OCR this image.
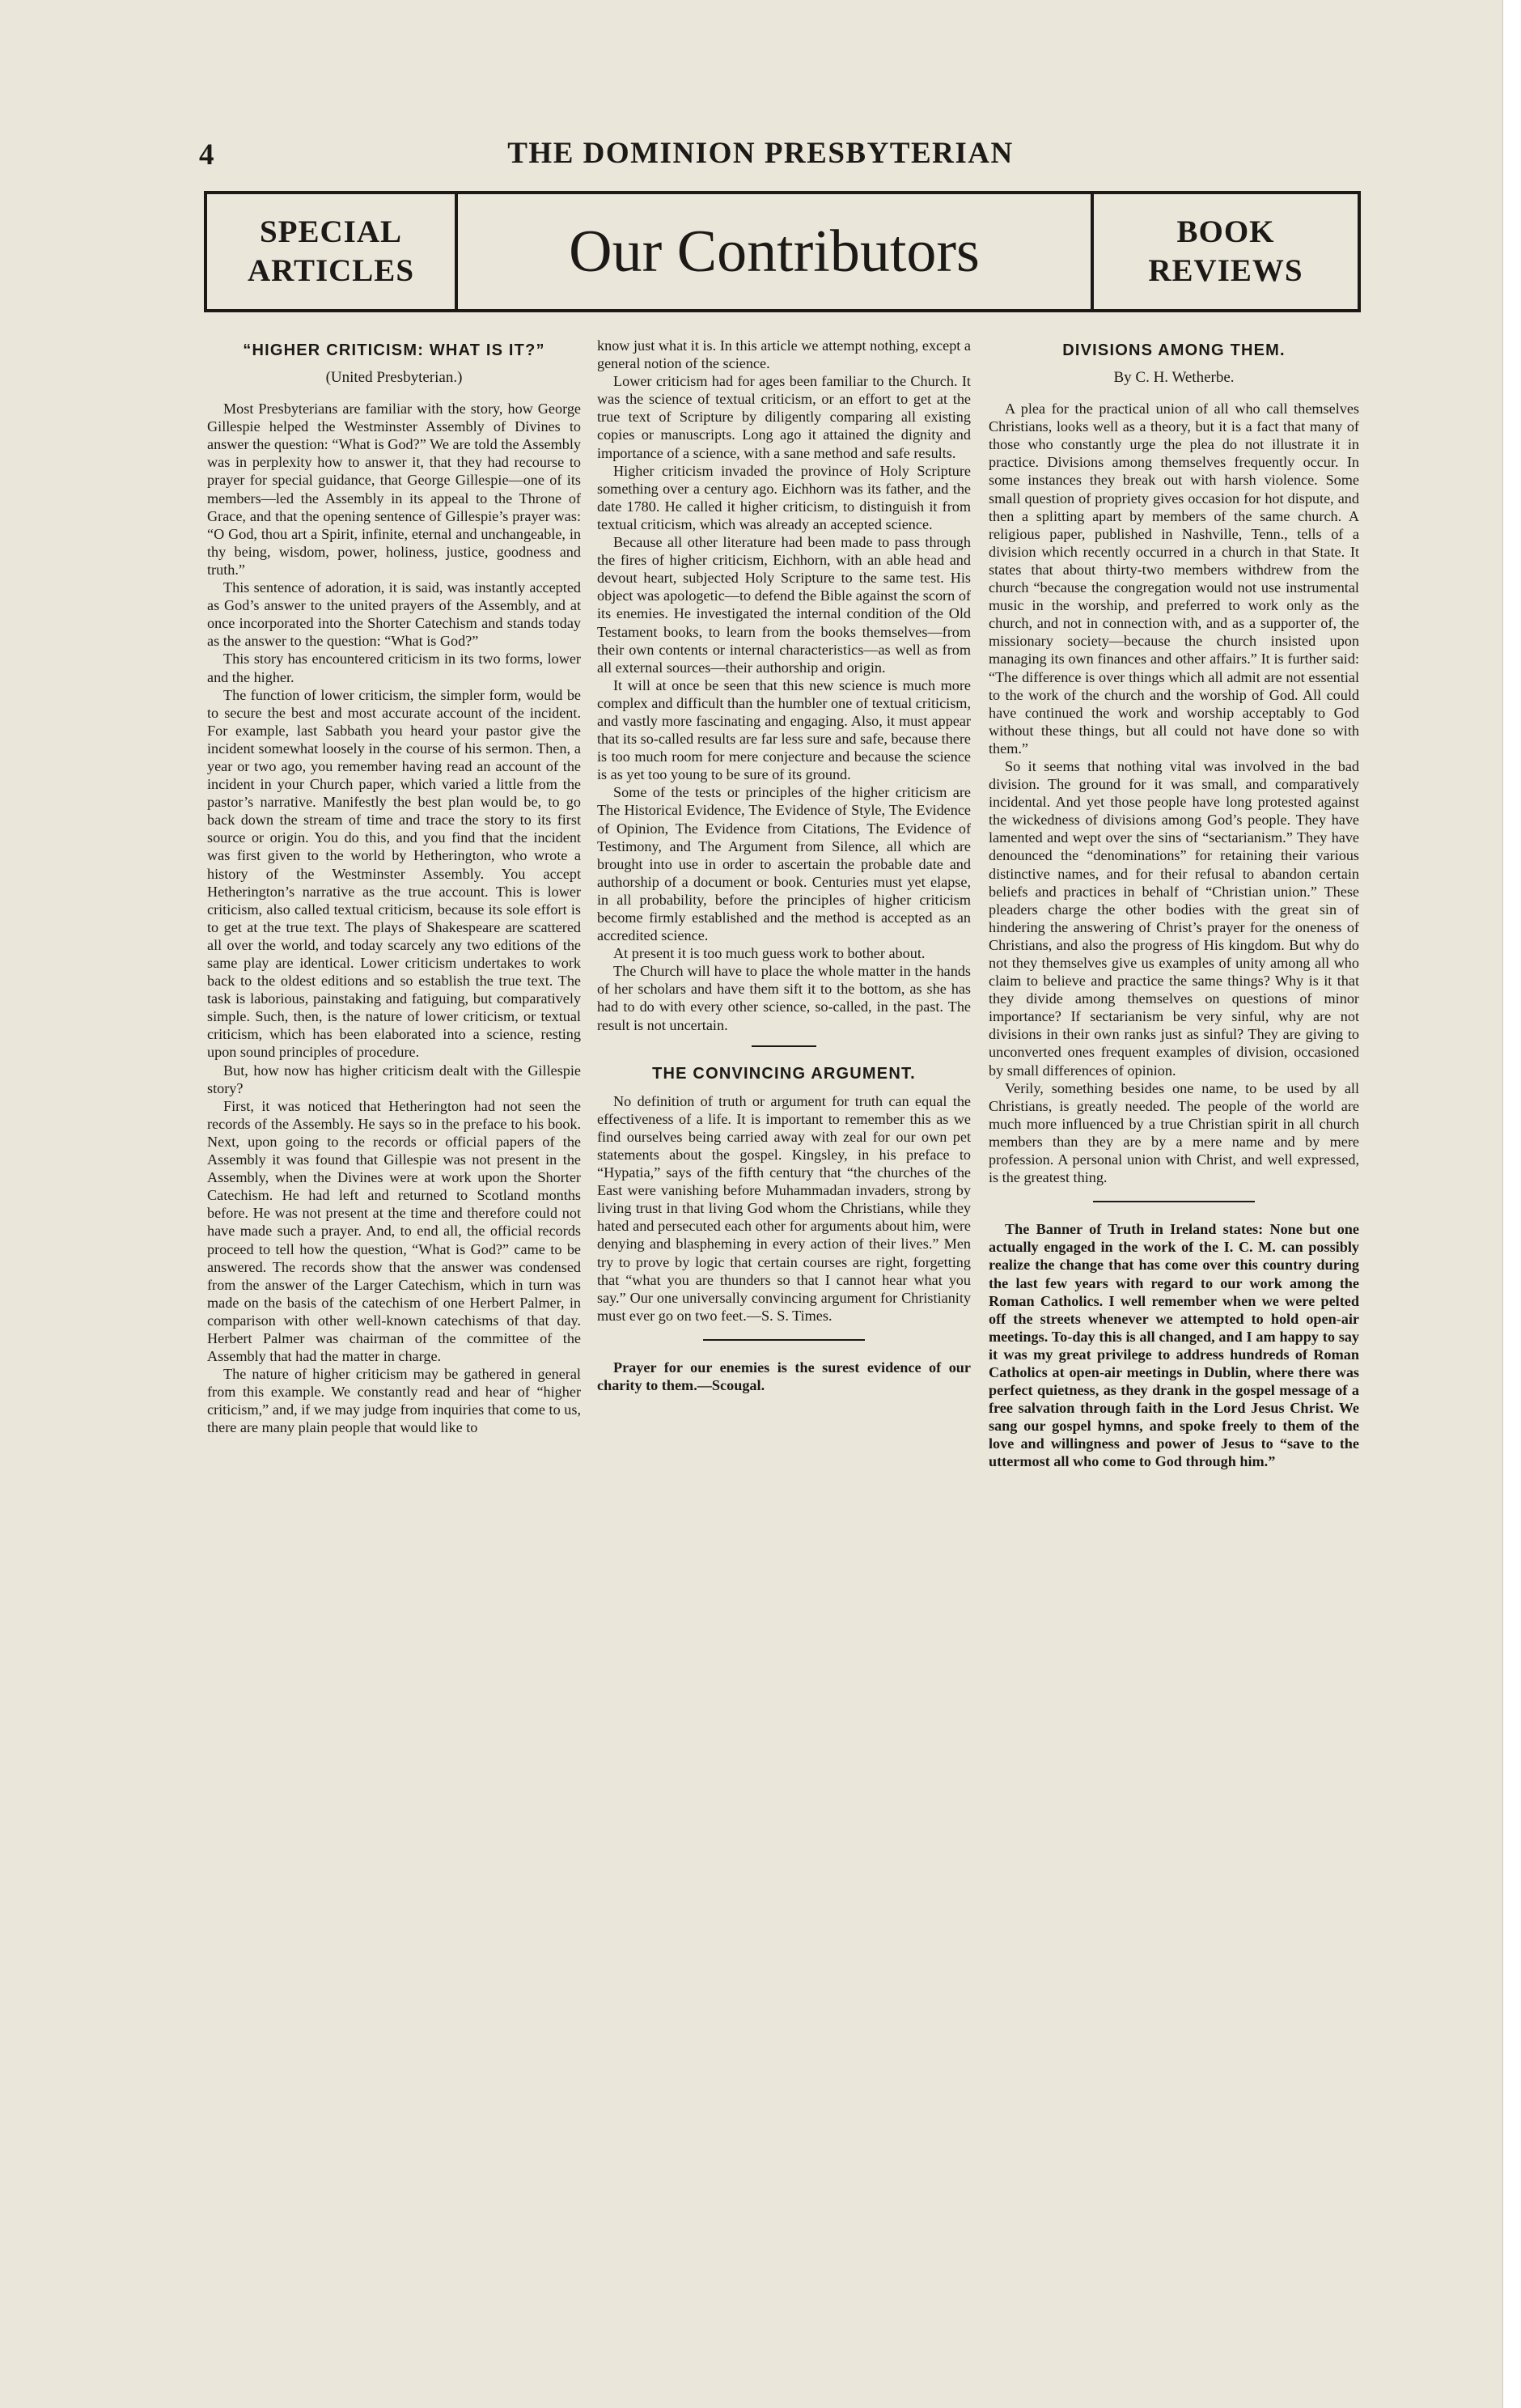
4	THE DOMINION PRESBYTERIAN
SPECIAL
ARTICLES	Our Contributors	BOOK
REVIEWS
“HIGHER CRITICISM: WHAT IS IT?”
(United Presbyterian.)

Most Presbyterians are familiar with the story, how George Gillespie helped the Westminster Assembly of Divines to answer the question: “What is God?” We are told the Assembly was in perplexity how to answer it, that they had recourse to prayer for special guidance, that George Gillespie—one of its members—led the Assembly in its appeal to the Throne of Grace, and that the opening sentence of Gillespie’s prayer was: “O God, thou art a Spirit, infinite, eternal and unchangeable, in thy being, wisdom, power, holiness, justice, goodness and truth.”

This sentence of adoration, it is said, was instantly accepted as God’s answer to the united prayers of the Assembly, and at once incorporated into the Shorter Catechism and stands today as the answer to the question: “What is God?”

This story has encountered criticism in its two forms, lower and the higher.

The function of lower criticism, the simpler form, would be to secure the best and most accurate account of the incident. For example, last Sabbath you heard your pastor give the incident somewhat loosely in the course of his sermon. Then, a year or two ago, you remember having read an account of the incident in your Church paper, which varied a little from the pastor’s narrative. Manifestly the best plan would be, to go back down the stream of time and trace the story to its first source or origin. You do this, and you find that the incident was first given to the world by Hetherington, who wrote a history of the Westminster Assembly. You accept Hetherington’s narrative as the true account. This is lower criticism, also called textual criticism, because its sole effort is to get at the true text. The plays of Shakespeare are scattered all over the world, and today scarcely any two editions of the same play are identical. Lower criticism undertakes to work back to the oldest editions and so establish the true text. The task is laborious, painstaking and fatiguing, but comparatively simple. Such, then, is the nature of lower criticism, or textual criticism, which has been elaborated into a science, resting upon sound principles of procedure.

But, how now has higher criticism dealt with the Gillespie story?

First, it was noticed that Hetherington had not seen the records of the Assembly. He says so in the preface to his book. Next, upon going to the records or official papers of the Assembly it was found that Gillespie was not present in the Assembly, when the Divines were at work upon the Shorter Catechism. He had left and returned to Scotland months before. He was not present at the time and therefore could not have made such a prayer. And, to end all, the official records proceed to tell how the question, “What is God?” came to be answered. The records show that the answer was condensed from the answer of the Larger Catechism, which in turn was made on the basis of the catechism of one Herbert Palmer, in comparison with other well-known catechisms of that day. Herbert Palmer was chairman of the committee of the Assembly that had the matter in charge.

The nature of higher criticism may be gathered in general from this example. We constantly read and hear of “higher criticism,” and, if we may judge from inquiries that come to us, there are many plain people that would like to

know just what it is. In this article we attempt nothing, except a general notion of the science.

Lower criticism had for ages been familiar to the Church. It was the science of textual criticism, or an effort to get at the true text of Scripture by diligently comparing all existing copies or manuscripts. Long ago it attained the dignity and importance of a science, with a sane method and safe results.

Higher criticism invaded the province of Holy Scripture something over a century ago. Eichhorn was its father, and the date 1780. He called it higher criticism, to distinguish it from textual criticism, which was already an accepted science.

Because all other literature had been made to pass through the fires of higher criticism, Eichhorn, with an able head and devout heart, subjected Holy Scripture to the same test. His object was apologetic—to defend the Bible against the scorn of its enemies. He investigated the internal condition of the Old Testament books, to learn from the books themselves—from their own contents or internal characteristics—as well as from all external sources—their authorship and origin.

It will at once be seen that this new science is much more complex and difficult than the humbler one of textual criticism, and vastly more fascinating and engaging. Also, it must appear that its so-called results are far less sure and safe, because there is too much room for mere conjecture and because the science is as yet too young to be sure of its ground.

Some of the tests or principles of the higher criticism are The Historical Evidence, The Evidence of Style, The Evidence of Opinion, The Evidence from Citations, The Evidence of Testimony, and The Argument from Silence, all which are brought into use in order to ascertain the probable date and authorship of a document or book. Centuries must yet elapse, in all probability, before the principles of higher criticism become firmly established and the method is accepted as an accredited science.

At present it is too much guess work to bother about.

The Church will have to place the whole matter in the hands of her scholars and have them sift it to the bottom, as she has had to do with every other science, so-called, in the past. The result is not uncertain.

THE CONVINCING ARGUMENT.

No definition of truth or argument for truth can equal the effectiveness of a life. It is important to remember this as we find ourselves being carried away with zeal for our own pet statements about the gospel. Kingsley, in his preface to “Hypatia,” says of the fifth century that “the churches of the East were vanishing before Muhammadan invaders, strong by living trust in that living God whom the Christians, while they hated and persecuted each other for arguments about him, were denying and blaspheming in every action of their lives.” Men try to prove by logic that certain courses are right, forgetting that “what you are thunders so that I cannot hear what you say.” Our one universally convincing argument for Christianity must ever go on two feet.—S. S. Times.

Prayer for our enemies is the surest evidence of our charity to them.—Scougal.

DIVISIONS AMONG THEM.
By C. H. Wetherbe.

A plea for the practical union of all who call themselves Christians, looks well as a theory, but it is a fact that many of those who constantly urge the plea do not illustrate it in practice. Divisions among themselves frequently occur. In some instances they break out with harsh violence. Some small question of propriety gives occasion for hot dispute, and then a splitting apart by members of the same church. A religious paper, published in Nashville, Tenn., tells of a division which recently occurred in a church in that State. It states that about thirty-two members withdrew from the church “because the congregation would not use instrumental music in the worship, and preferred to work only as the church, and not in connection with, and as a supporter of, the missionary society—because the church insisted upon managing its own finances and other affairs.” It is further said: “The difference is over things which all admit are not essential to the work of the church and the worship of God. All could have continued the work and worship acceptably to God without these things, but all could not have done so with them.”

So it seems that nothing vital was involved in the bad division. The ground for it was small, and comparatively incidental. And yet those people have long protested against the wickedness of divisions among God’s people. They have lamented and wept over the sins of “sectarianism.” They have denounced the “denominations” for retaining their various distinctive names, and for their refusal to abandon certain beliefs and practices in behalf of “Christian union.” These pleaders charge the other bodies with the great sin of hindering the answering of Christ’s prayer for the oneness of Christians, and also the progress of His kingdom. But why do not they themselves give us examples of unity among all who claim to believe and practice the same things? Why is it that they divide among themselves on questions of minor importance? If sectarianism be very sinful, why are not divisions in their own ranks just as sinful? They are giving to unconverted ones frequent examples of division, occasioned by small differences of opinion.

Verily, something besides one name, to be used by all Christians, is greatly needed. The people of the world are much more influenced by a true Christian spirit in all church members than they are by a mere name and by mere profession. A personal union with Christ, and well expressed, is the greatest thing.

The Banner of Truth in Ireland states: None but one actually engaged in the work of the I. C. M. can possibly realize the change that has come over this country during the last few years with regard to our work among the Roman Catholics. I well remember when we were pelted off the streets whenever we attempted to hold open-air meetings. To-day this is all changed, and I am happy to say it was my great privilege to address hundreds of Roman Catholics at open-air meetings in Dublin, where there was perfect quietness, as they drank in the gospel message of a free salvation through faith in the Lord Jesus Christ. We sang our gospel hymns, and spoke freely to them of the love and willingness and power of Jesus to “save to the uttermost all who come to God through him.”
